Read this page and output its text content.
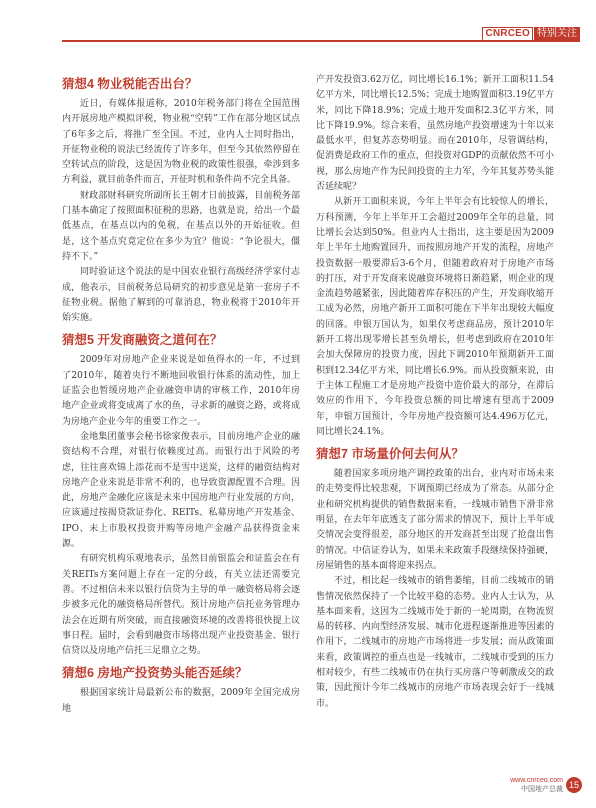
CNRCEO 特别关注
猜想4 物业税能否出台？

近日，有媒体报道称，2010年税务部门将在全国范围内开展房地产模拟评税，物业税“空转”工作在部分地区试点了6年多之后，将推广至全国。不过，业内人士同时指出，开征物业税的说法已经流传了许多年，但至今其依然停留在空转试点的阶段，这是因为物业税的政策性很强，牵涉到多方利益，就目前条件而言，开征时机和条件尚不完全具备。

财政部财科研究所副所长王朝才日前披露，目前税务部门基本确定了按照面积征税的思路，也就是说，给出一个最低基点，在基点以内的免税，在基点以外的开始征收。但是，这个基点究竟定位在多少为宜？他说：“争论很大，僵持不下。”

同时验证这个说法的是中国农业银行高级经济学家付志成，他表示，目前税务总局研究的初步意见是第一套房子不征物业税。据他了解到的可靠消息，物业税将于2010年开始实施。

猜想5 开发商融资之道何在？

2009年对房地产企业来说是如鱼得水的一年，不过到了2010年，随着央行不断地回收银行体系的流动性，加上证监会也暂缓房地产企业融资申请的审核工作，2010年房地产企业或将变成离了水的鱼，寻求新的融资之路，或将成为房地产企业今年的重要工作之一。

金地集团董事会秘书徐家俊表示，目前房地产企业的融资结构不合理，对银行依赖度过高。而银行出于风险的考虑，往往喜欢锦上添花而不是雪中送炭，这样的融资结构对房地产企业来说是非常不利的，也导致资源配置不合理。因此，房地产金融化应该是未来中国房地产行业发展的方向，应该通过按揭贷款证券化、REITs、私募房地产开发基金、IPO、未上市股权投资并购等房地产金融产品获得资金来源。

有研究机构乐观地表示，虽然目前银监会和证监会在有关REITs方案问题上存在一定的分歧，有关立法还需要完善。不过相信未来以银行信贷为主导的单一融资格局将会逐步被多元化的融资格局所替代。预计房地产信托业务管理办法会在近期有所突破，而直接融资环境的改善将很快提上议事日程。届时，会看到融资市场将出现产业投资基金、银行信贷以及房地产信托三足鼎立之势。

猜想6 房地产投资势头能否延续？

根据国家统计局最新公布的数据，2009年全国完成房地

产开发投资3.62万亿，同比增长16.1%；新开工面积11.54亿平方米，同比增长12.5%；完成土地购置面积3.19亿平方米，同比下降18.9%；完成土地开发面积2.3亿平方米，同比下降19.9%。综合来看，虽然房地产投资增速为十年以来最低水平，但复苏态势明显。而在2010年，尽管调结构，促消费是政府工作的重点，但投资对GDP的贡献依然不可小视，那么房地产作为民间投资的主力军，今年其复苏势头能否延续呢？

从新开工面积来说，今年上半年会有比较惊人的增长，万科预测，今年上半年开工会超过2009年全年的总量，同比增长会达到50%。但业内人士指出，这主要是因为2009年上半年土地购置回升，而按照房地产开发的流程，房地产投资数据一般要滞后3-6个月，但随着政府对于房地产市场的打压，对于开发商来说融资环境将日渐趋紧，则企业的现金流趋势越紧张，因此随着库存积压的产生，开发商收缩开工成为必然，房地产新开工面积可能在下半年出现较大幅度的回落。申银万国认为，如果仅考虑商品房，预计2010年新开工将出现零增长甚至负增长，但考虑到政府在2010年会加大保障房的投资力度，因此下调2010年预期新开工面积到12.34亿平方米，同比增长6.9%。而从投资额来说，由于主体工程施工才是房地产投资中造价最大的部分，在滞后效应的作用下，今年投资总额的同比增速有望高于2009年，申银万国预计，今年房地产投资额可达4.496万亿元，同比增长24.1%。

猜想7 市场量价何去何从？

随着国家多项房地产调控政策的出台，业内对市场未来的走势变得比较悲观，下调预期已经成为了常态。从部分企业和研究机构提供的销售数据来看，一线城市销售下滑非常明显，在去年年底透支了部分需求的情况下，预计上半年成交情况会变得很差，部分地区的开发商甚至出现了抢盘出售的情况。中信证券认为，如果未来政策手段继续保持强硬，房屋销售的基本面将迎来拐点。

不过，相比起一线城市的销售萎缩，目前二线城市的销售情况依然保持了一个比较平稳的态势。业内人士认为，从基本面来看，这因为二线城市处于新的一轮周期，在物流贸易的转移、内向型经济发展、城市化进程逐渐推进等因素的作用下，二线城市的房地产市场将进一步发展；而从政策面来看，政策调控的重点也是一线城市，二线城市受到的压力相对较少，有些二线城市仍在执行买房落户等刺激成交的政策，因此预计今年二线城市的房地产市场表现会好于一线城市。

www.cnrceo.com
中国地产总裁 15
